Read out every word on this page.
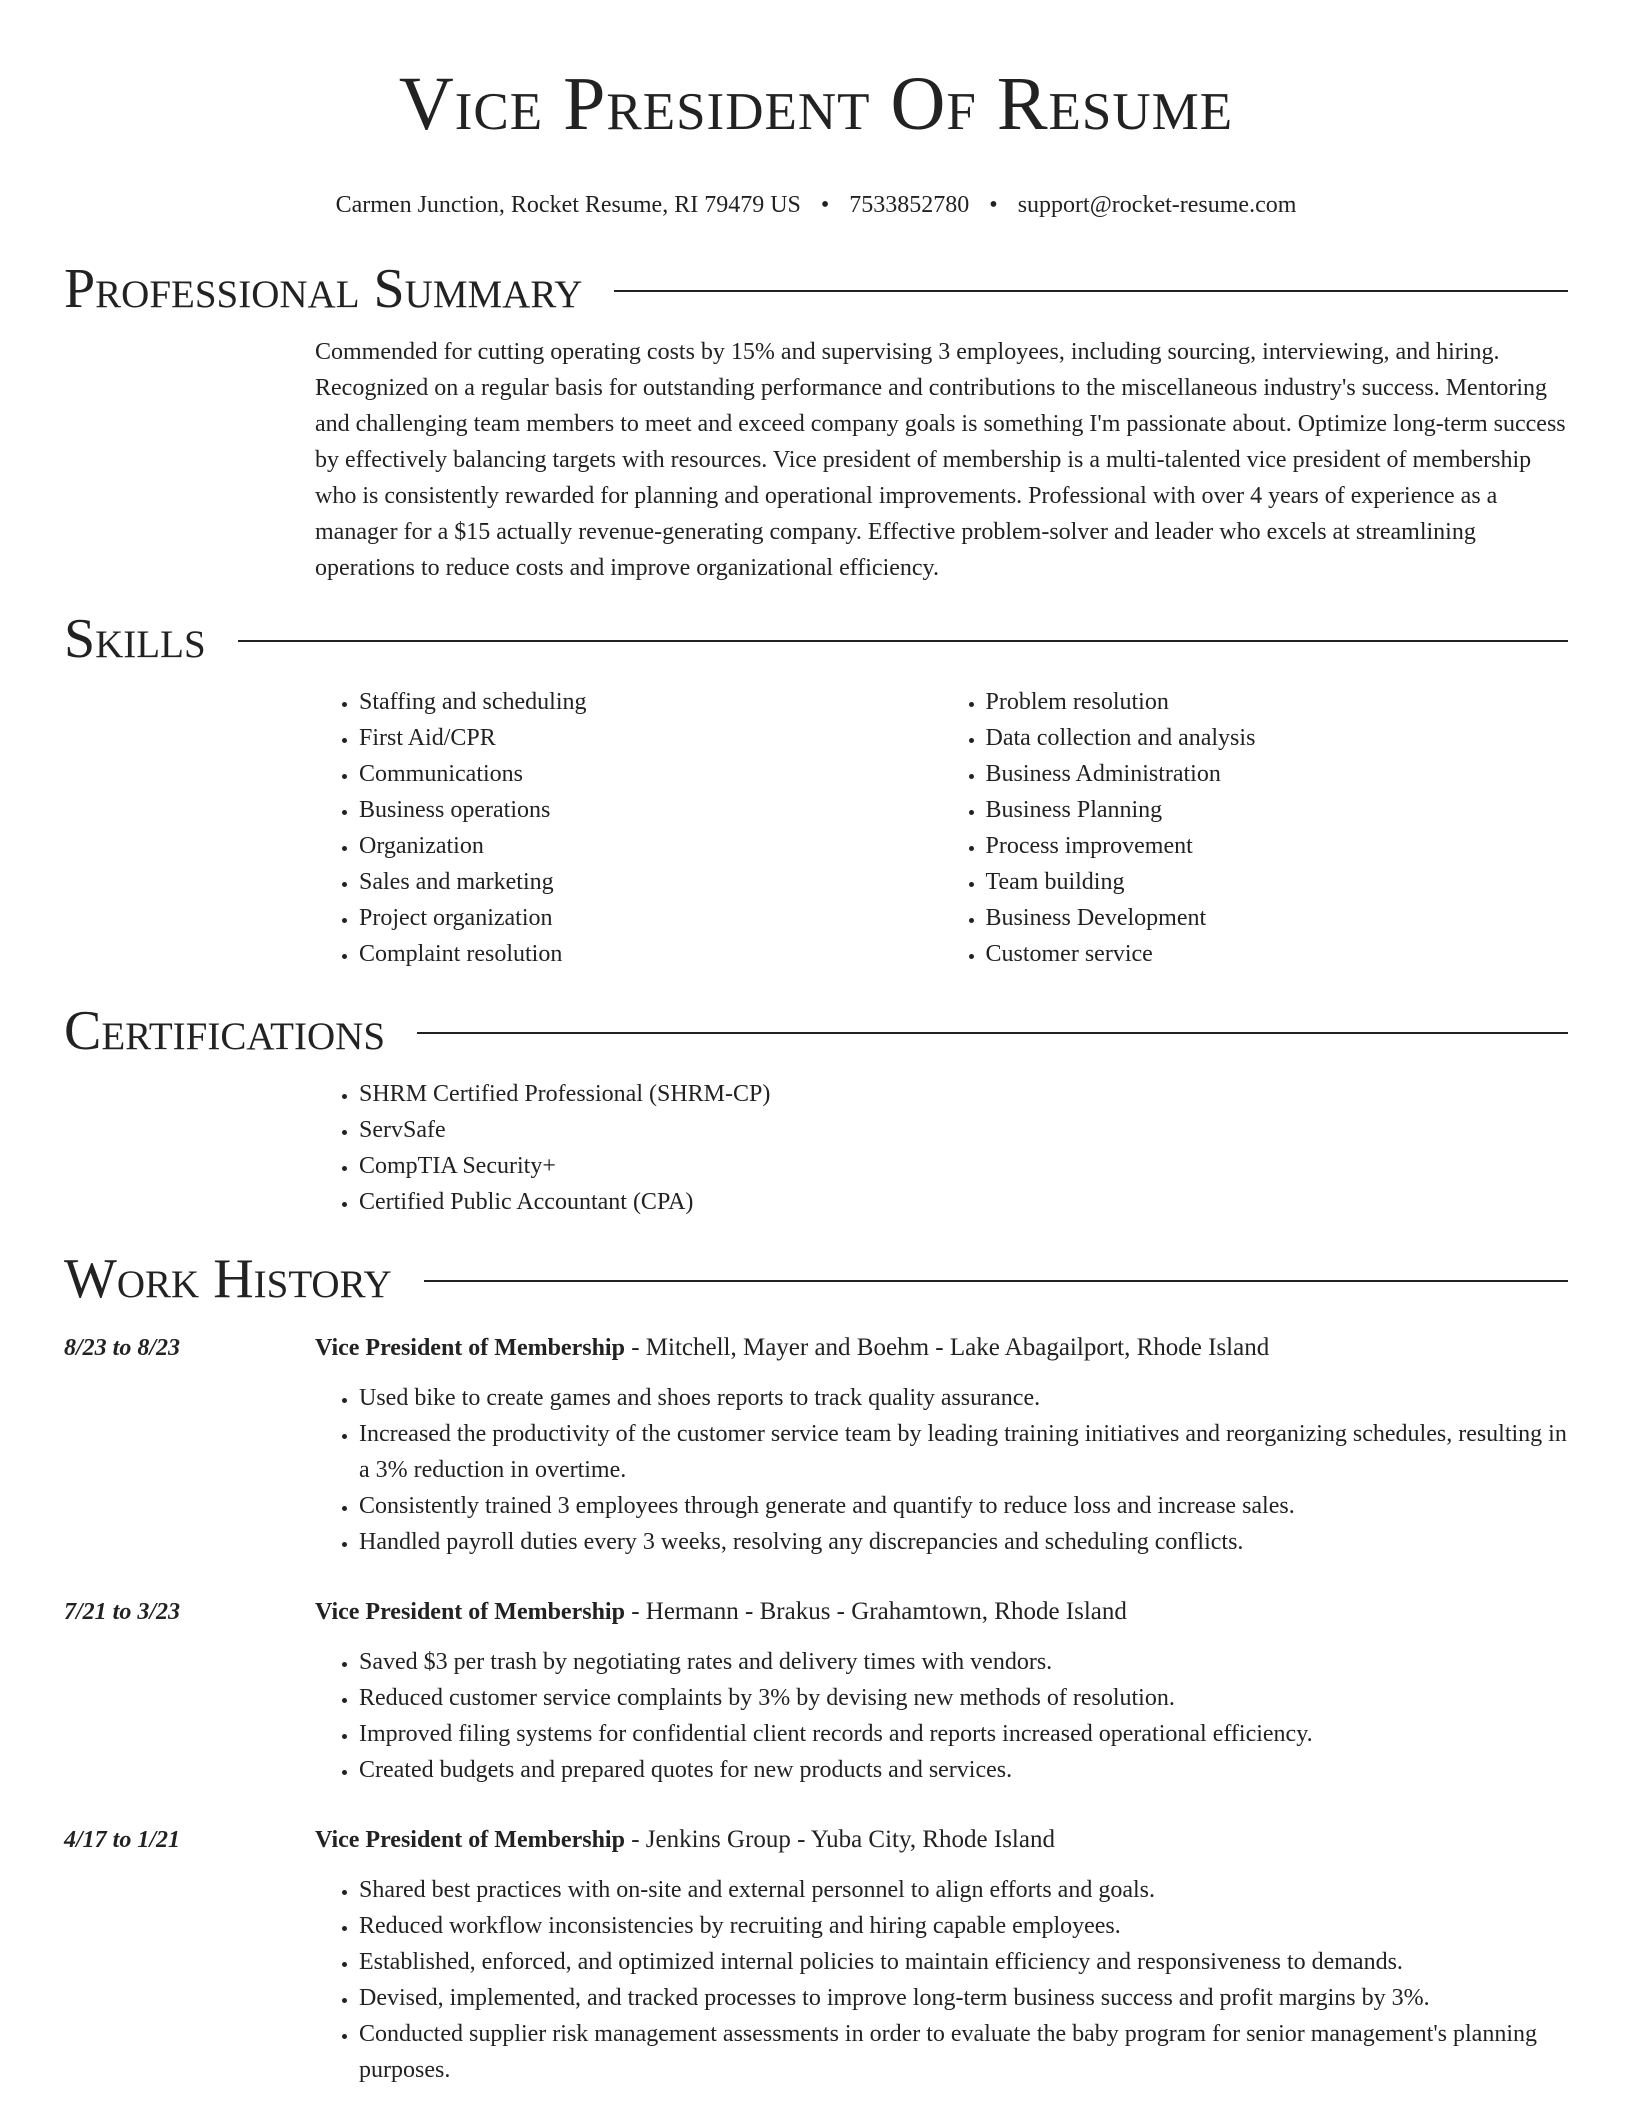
Vice President Of Resume
Carmen Junction, Rocket Resume, RI 79479 US • 7533852780 • support@rocket-resume.com
Professional Summary

Commended for cutting operating costs by 15% and supervising 3 employees, including sourcing, interviewing, and hiring. Recognized on a regular basis for outstanding performance and contributions to the miscellaneous industry's success. Mentoring and challenging team members to meet and exceed company goals is something I'm passionate about. Optimize long-term success by effectively balancing targets with resources. Vice president of membership is a multi-talented vice president of membership who is consistently rewarded for planning and operational improvements. Professional with over 4 years of experience as a manager for a $15 actually revenue-generating company. Effective problem-solver and leader who excels at streamlining operations to reduce costs and improve organizational efficiency.

Skills
• Staffing and scheduling
• First Aid/CPR
• Communications
• Business operations
• Organization
• Sales and marketing
• Project organization
• Complaint resolution
• Problem resolution
• Data collection and analysis
• Business Administration
• Business Planning
• Process improvement
• Team building
• Business Development
• Customer service
Certifications
• SHRM Certified Professional (SHRM-CP)
• ServSafe
• CompTIA Security+
• Certified Public Accountant (CPA)
Work History
8/23 to 8/23	Vice President of Membership - Mitchell, Mayer and Boehm - Lake Abagailport, Rhode Island
• Used bike to create games and shoes reports to track quality assurance.
• Increased the productivity of the customer service team by leading training initiatives and reorganizing schedules, resulting in a 3% reduction in overtime.
• Consistently trained 3 employees through generate and quantify to reduce loss and increase sales.
• Handled payroll duties every 3 weeks, resolving any discrepancies and scheduling conflicts.
7/21 to 3/23	Vice President of Membership - Hermann - Brakus - Grahamtown, Rhode Island
• Saved $3 per trash by negotiating rates and delivery times with vendors.
• Reduced customer service complaints by 3% by devising new methods of resolution.
• Improved filing systems for confidential client records and reports increased operational efficiency.
• Created budgets and prepared quotes for new products and services.
4/17 to 1/21	Vice President of Membership - Jenkins Group - Yuba City, Rhode Island
• Shared best practices with on-site and external personnel to align efforts and goals.
• Reduced workflow inconsistencies by recruiting and hiring capable employees.
• Established, enforced, and optimized internal policies to maintain efficiency and responsiveness to demands.
• Devised, implemented, and tracked processes to improve long-term business success and profit margins by 3%.
• Conducted supplier risk management assessments in order to evaluate the baby program for senior management's planning purposes.
